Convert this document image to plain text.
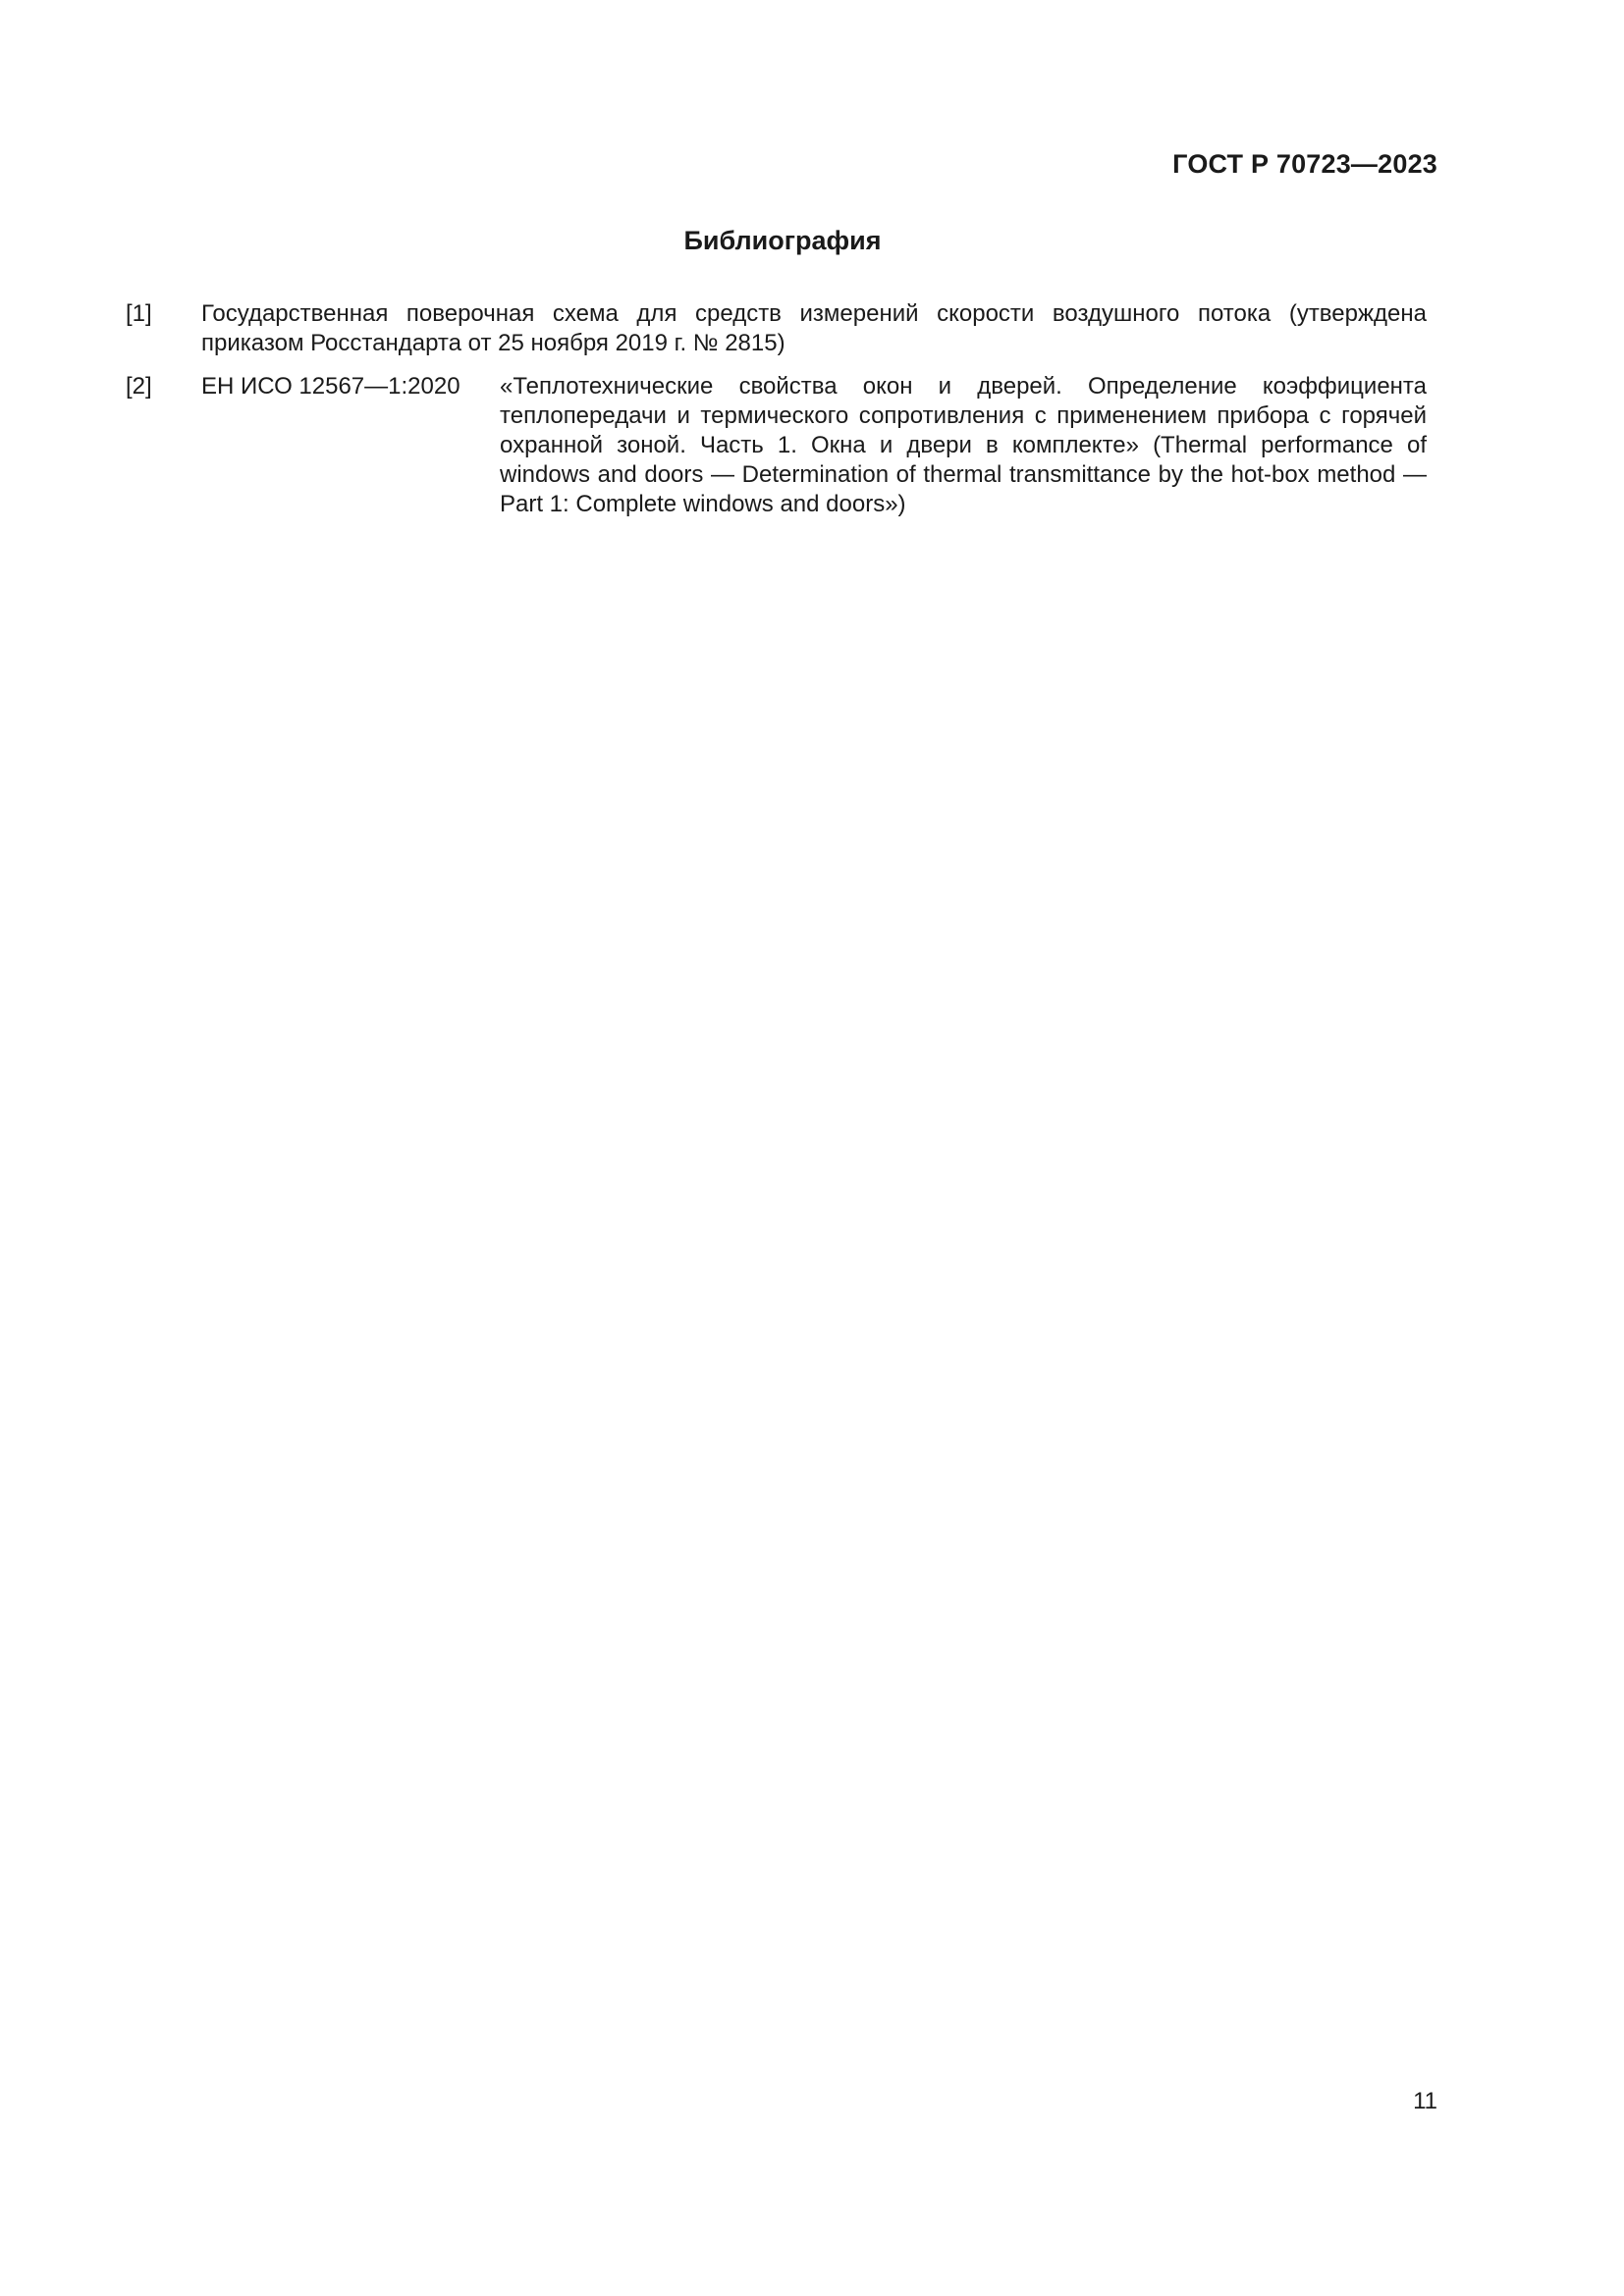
ГОСТ Р 70723—2023
Библиография
[1] Государственная поверочная схема для средств измерений скорости воздушного потока (утверждена приказом Росстандарта от 25 ноября 2019 г. № 2815)
[2] ЕН ИСО 12567—1:2020 «Теплотехнические свойства окон и дверей. Определение коэффициента теплопередачи и термического сопротивления с применением прибора с горячей охранной зоной. Часть 1. Окна и двери в комплекте» (Thermal performance of windows and doors — Determination of thermal transmittance by the hot-box method — Part 1: Complete windows and doors»)
11
